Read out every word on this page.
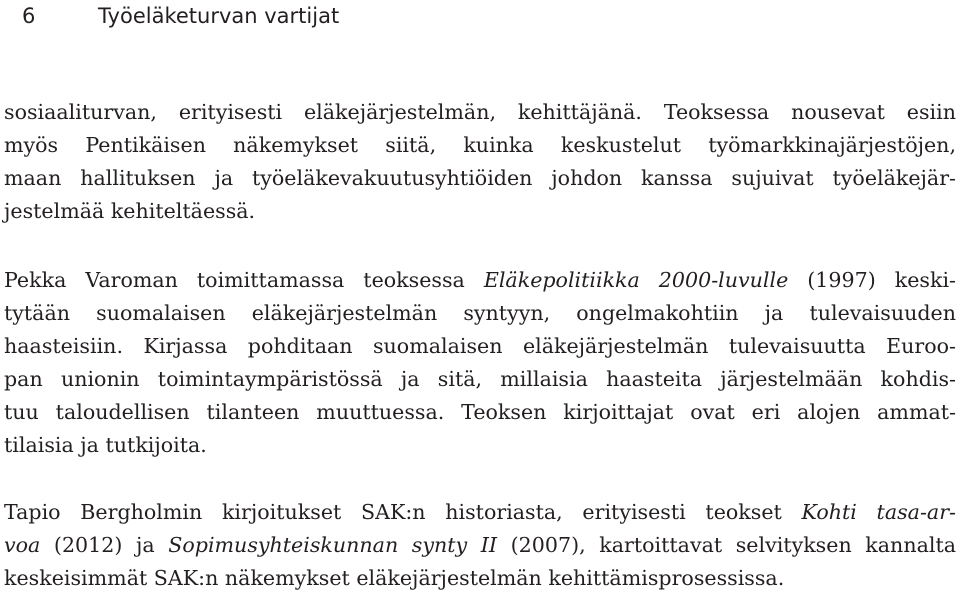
6	Työeläketurvan vartijat
sosiaaliturvan, erityisesti eläkejärjestelmän, kehittäjänä. Teoksessa nousevat esiin
myös Pentikäisen näkemykset siitä, kuinka keskustelut työmarkkinajärjestöjen,
maan hallituksen ja työeläkevakuutusyhtiöiden johdon kanssa sujuivat työeläkejär-
jestelmää kehiteltäessä.
Pekka Varoman toimittamassa teoksessa Eläkepolitiikka 2000-luvulle (1997) keski-
tytään suomalaisen eläkejärjestelmän syntyyn, ongelmakohtiin ja tulevaisuuden
haasteisiin. Kirjassa pohditaan suomalaisen eläkejärjestelmän tulevaisuutta Euroo-
pan unionin toimintaympäristössä ja sitä, millaisia haasteita järjestelmään kohdis-
tuu taloudellisen tilanteen muuttuessa. Teoksen kirjoittajat ovat eri alojen ammat-
tilaisia ja tutkijoita.
Tapio Bergholmin kirjoitukset SAK:n historiasta, erityisesti teokset Kohti tasa-ar-
voa (2012) ja Sopimusyhteiskunnan synty II (2007), kartoittavat selvityksen kannalta
keskeisimmät SAK:n näkemykset eläkejärjestelmän kehittämisprosessissa.
